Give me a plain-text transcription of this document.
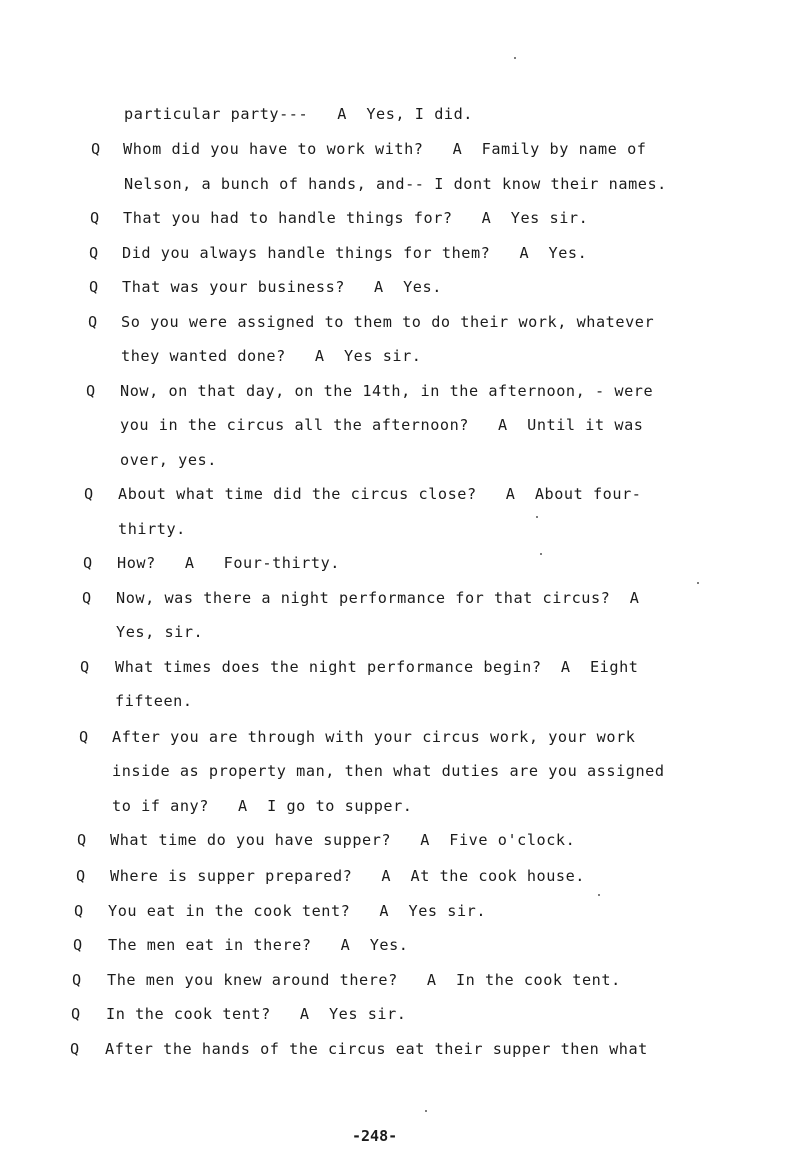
particular party---   A  Yes, I did.
Q Whom did you have to work with?   A  Family by name of
Nelson, a bunch of hands, and-- I dont know their names.
Q That you had to handle things for?   A  Yes sir.
Q Did you always handle things for them?   A  Yes.
Q That was your business?   A  Yes.
Q So you were assigned to them to do their work, whatever
they wanted done?   A  Yes sir.
Q Now, on that day, on the 14th, in the afternoon, - were
you in the circus all the afternoon?   A  Until it was
over, yes.
Q About what time did the circus close?   A  About four-
thirty.
Q How?   A   Four-thirty.
Q Now, was there a night performance for that circus?  A
Yes, sir.
Q What times does the night performance begin?  A  Eight
fifteen.
Q After you are through with your circus work, your work
inside as property man, then what duties are you assigned
to if any?   A  I go to supper.
Q What time do you have supper?   A  Five o'clock.
Q Where is supper prepared?   A  At the cook house.
Q You eat in the cook tent?   A  Yes sir.
Q The men eat in there?   A  Yes.
Q The men you knew around there?   A  In the cook tent.
Q In the cook tent?   A  Yes sir.
Q After the hands of the circus eat their supper then what
-248-
